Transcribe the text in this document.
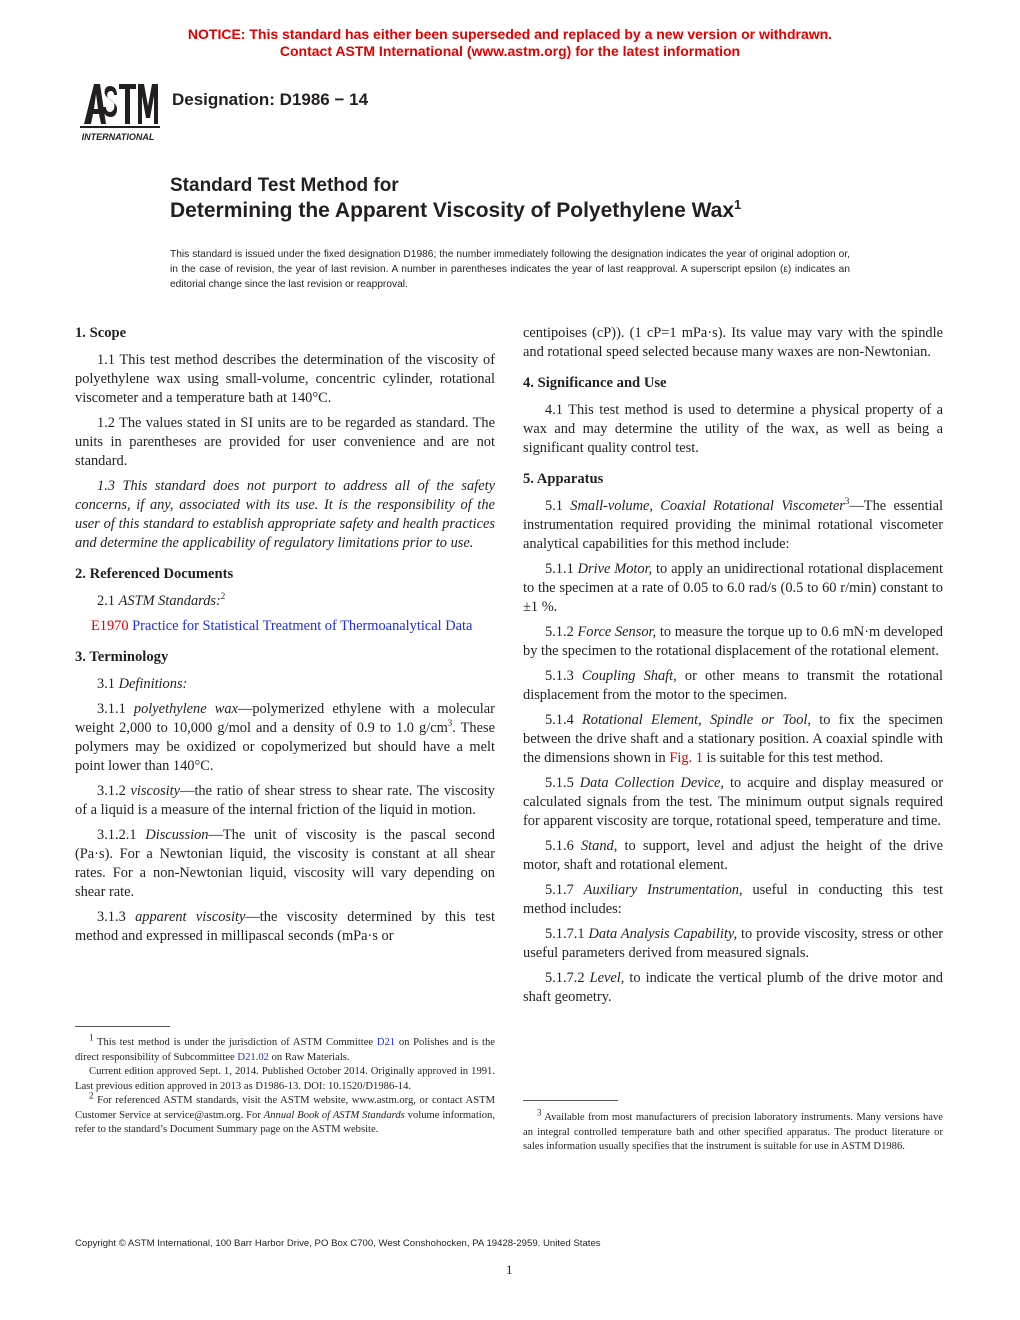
NOTICE: This standard has either been superseded and replaced by a new version or withdrawn.
Contact ASTM International (www.astm.org) for the latest information
INTERNATIONAL
Designation: D1986 − 14
Standard Test Method for
Determining the Apparent Viscosity of Polyethylene Wax$^1$
This standard is issued under the fixed designation D1986; the number immediately following the designation indicates the year of original adoption or, in the case of revision, the year of last revision. A number in parentheses indicates the year of last reapproval. A superscript epsilon (ε) indicates an editorial change since the last revision or reapproval.
1. Scope

1.1 This test method describes the determination of the viscosity of polyethylene wax using small-volume, concentric cylinder, rotational viscometer and a temperature bath at 140°C.

1.2 The values stated in SI units are to be regarded as standard. The units in parentheses are provided for user convenience and are not standard.

1.3 This standard does not purport to address all of the safety concerns, if any, associated with its use. It is the responsibility of the user of this standard to establish appropriate safety and health practices and determine the applicability of regulatory limitations prior to use.

2. Referenced Documents

2.1 ASTM Standards:$^2$

E1970 Practice for Statistical Treatment of Thermoanalytical Data

3. Terminology

3.1 Definitions:

3.1.1 polyethylene wax—polymerized ethylene with a molecular weight 2,000 to 10,000 g/mol and a density of 0.9 to 1.0 $g/cm^3$. These polymers may be oxidized or copolymerized but should have a melt point lower than 140°C.

3.1.2 viscosity—the ratio of shear stress to shear rate. The viscosity of a liquid is a measure of the internal friction of the liquid in motion.

3.1.2.1 Discussion—The unit of viscosity is the pascal second (Pa·s). For a Newtonian liquid, the viscosity is constant at all shear rates. For a non-Newtonian liquid, viscosity will vary depending on shear rate.

3.1.3 apparent viscosity—the viscosity determined by this test method and expressed in millipascal seconds (mPa·s or

centipoises (cP)). (1 cP=1 mPa·s). Its value may vary with the spindle and rotational speed selected because many waxes are non-Newtonian.

4. Significance and Use

4.1 This test method is used to determine a physical property of a wax and may determine the utility of the wax, as well as being a significant quality control test.

5. Apparatus

5.1 Small-volume, Coaxial Rotational Viscometer$^3$—The essential instrumentation required providing the minimal rotational viscometer analytical capabilities for this method include:

5.1.1 Drive Motor, to apply an unidirectional rotational displacement to the specimen at a rate of 0.05 to 6.0 rad/s (0.5 to 60 r/min) constant to ±1 %.

5.1.2 Force Sensor, to measure the torque up to 0.6 mN·m developed by the specimen to the rotational displacement of the rotational element.

5.1.3 Coupling Shaft, or other means to transmit the rotational displacement from the motor to the specimen.

5.1.4 Rotational Element, Spindle or Tool, to fix the specimen between the drive shaft and a stationary position. A coaxial spindle with the dimensions shown in Fig. 1 is suitable for this test method.

5.1.5 Data Collection Device, to acquire and display measured or calculated signals from the test. The minimum output signals required for apparent viscosity are torque, rotational speed, temperature and time.

5.1.6 Stand, to support, level and adjust the height of the drive motor, shaft and rotational element.

5.1.7 Auxiliary Instrumentation, useful in conducting this test method includes:

5.1.7.1 Data Analysis Capability, to provide viscosity, stress or other useful parameters derived from measured signals.

5.1.7.2 Level, to indicate the vertical plumb of the drive motor and shaft geometry.

$^1$ This test method is under the jurisdiction of ASTM Committee D21 on Polishes and is the direct responsibility of Subcommittee D21.02 on Raw Materials.

Current edition approved Sept. 1, 2014. Published October 2014. Originally approved in 1991. Last previous edition approved in 2013 as D1986-13. DOI: 10.1520/D1986-14.

$^2$ For referenced ASTM standards, visit the ASTM website, www.astm.org, or contact ASTM Customer Service at service@astm.org. For Annual Book of ASTM Standards volume information, refer to the standard’s Document Summary page on the ASTM website.

$^3$ Available from most manufacturers of precision laboratory instruments. Many versions have an integral controlled temperature bath and other specified apparatus. The product literature or sales information usually specifies that the instrument is suitable for use in ASTM D1986.

Copyright © ASTM International, 100 Barr Harbor Drive, PO Box C700, West Conshohocken, PA 19428-2959. United States
1
